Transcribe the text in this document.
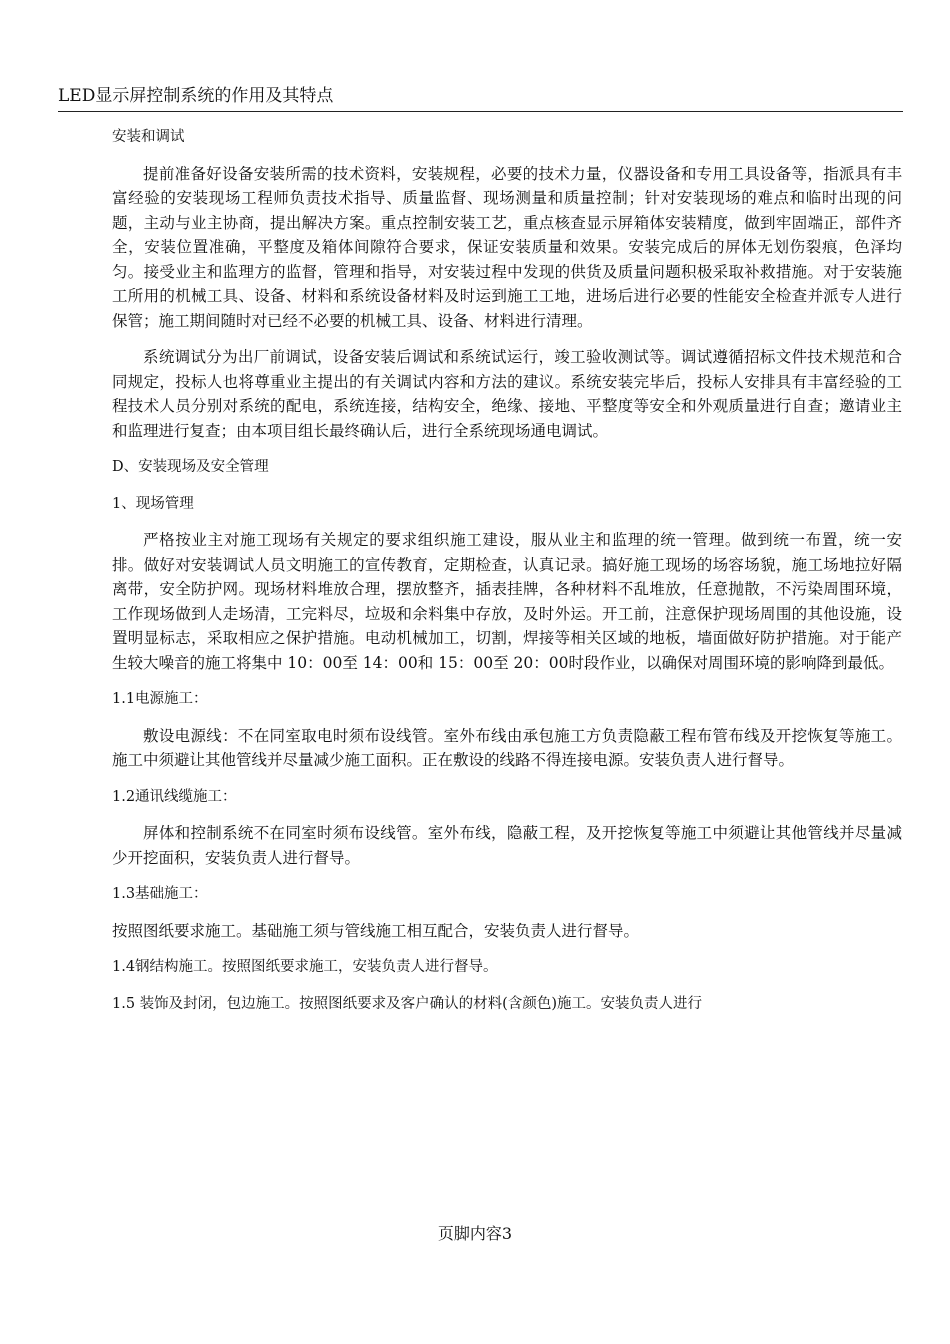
LED显示屏控制系统的作用及其特点

安装和调试

提前准备好设备安装所需的技术资料，安装规程，必要的技术力量，仪器设备和专用工具设备等，指派具有丰富经验的安装现场工程师负责技术指导、质量监督、现场测量和质量控制；针对安装现场的难点和临时出现的问题，主动与业主协商，提出解决方案。重点控制安装工艺，重点核查显示屏箱体安装精度，做到牢固端正，部件齐全，安装位置准确，平整度及箱体间隙符合要求，保证安装质量和效果。安装完成后的屏体无划伤裂痕，色泽均匀。接受业主和监理方的监督，管理和指导，对安装过程中发现的供货及质量问题积极采取补救措施。对于安装施工所用的机械工具、设备、材料和系统设备材料及时运到施工工地，进场后进行必要的性能安全检查并派专人进行保管；施工期间随时对已经不必要的机械工具、设备、材料进行清理。

系统调试分为出厂前调试，设备安装后调试和系统试运行，竣工验收测试等。调试遵循招标文件技术规范和合同规定，投标人也将尊重业主提出的有关调试内容和方法的建议。系统安装完毕后，投标人安排具有丰富经验的工程技术人员分别对系统的配电，系统连接，结构安全，绝缘、接地、平整度等安全和外观质量进行自查；邀请业主和监理进行复查；由本项目组长最终确认后，进行全系统现场通电调试。

D、安装现场及安全管理

1、现场管理

严格按业主对施工现场有关规定的要求组织施工建设，服从业主和监理的统一管理。做到统一布置，统一安排。做好对安装调试人员文明施工的宣传教育，定期检查，认真记录。搞好施工现场的场容场貌，施工场地拉好隔离带，安全防护网。现场材料堆放合理，摆放整齐，插表挂牌，各种材料不乱堆放，任意抛散，不污染周围环境，工作现场做到人走场清，工完料尽，垃圾和余料集中存放，及时外运。开工前，注意保护现场周围的其他设施，设置明显标志，采取相应之保护措施。电动机械加工，切割，焊接等相关区域的地板，墙面做好防护措施。对于能产生较大噪音的施工将集中 10：00至 14：00和 15：00至 20：00时段作业，以确保对周围环境的影响降到最低。

1.1电源施工：

敷设电源线：不在同室取电时须布设线管。室外布线由承包施工方负责隐蔽工程布管布线及开挖恢复等施工。施工中须避让其他管线并尽量减少施工面积。正在敷设的线路不得连接电源。安装负责人进行督导。

1.2通讯线缆施工：

屏体和控制系统不在同室时须布设线管。室外布线，隐蔽工程，及开挖恢复等施工中须避让其他管线并尽量减少开挖面积，安装负责人进行督导。

1.3基础施工：

按照图纸要求施工。基础施工须与管线施工相互配合，安装负责人进行督导。

1.4钢结构施工。按照图纸要求施工，安装负责人进行督导。

1.5 装饰及封闭，包边施工。按照图纸要求及客户确认的材料(含颜色)施工。安装负责人进行

页脚内容3
